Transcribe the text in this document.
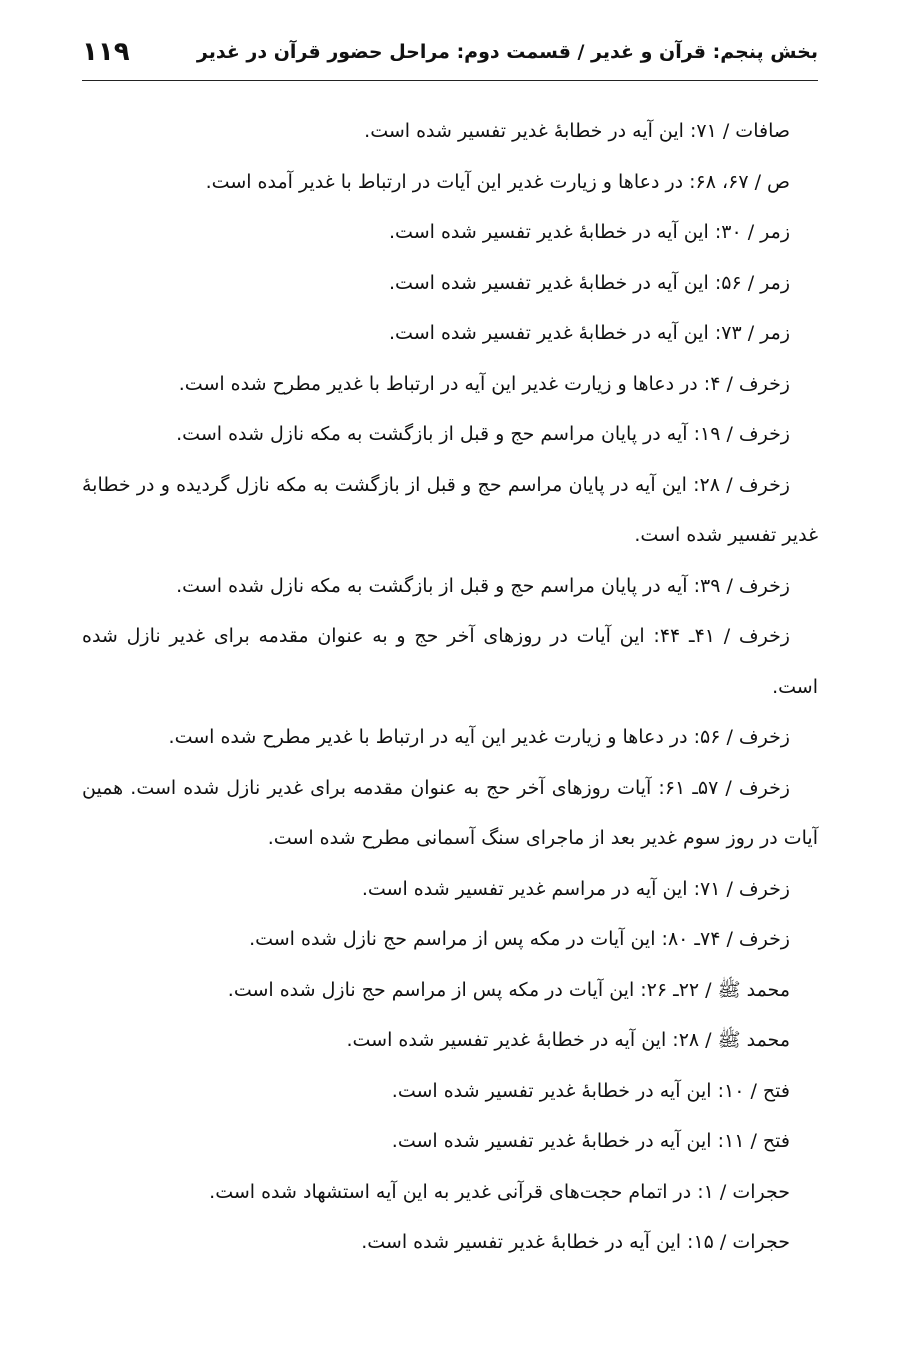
بخش پنجم: قرآن و غدیر / قسمت دوم: مراحل حضور قرآن در غدیر
۱۱۹

صافات / ۷۱: این آیه در خطابهٔ غدیر تفسیر شده است.

ص / ۶۷، ۶۸: در دعاها و زیارت غدیر این آیات در ارتباط با غدیر آمده است.

زمر / ۳۰: این آیه در خطابهٔ غدیر تفسیر شده است.

زمر / ۵۶: این آیه در خطابهٔ غدیر تفسیر شده است.

زمر / ۷۳: این آیه در خطابهٔ غدیر تفسیر شده است.

زخرف / ۴: در دعاها و زیارت غدیر این آیه در ارتباط با غدیر مطرح شده است.

زخرف / ۱۹: آیه در پایان مراسم حج و قبل از بازگشت به مکه نازل شده است.

زخرف / ۲۸: این آیه در پایان مراسم حج و قبل از بازگشت به مکه نازل گردیده و در خطابهٔ غدیر تفسیر شده است.

زخرف / ۳۹: آیه در پایان مراسم حج و قبل از بازگشت به مکه نازل شده است.

زخرف / ۴۱ـ ۴۴: این آیات در روزهای آخر حج و به عنوان مقدمه برای غدیر نازل شده است.

زخرف / ۵۶: در دعاها و زیارت غدیر این آیه در ارتباط با غدیر مطرح شده است.

زخرف / ۵۷ـ ۶۱: آیات روزهای آخر حج به عنوان مقدمه برای غدیر نازل شده است. همین آیات در روز سوم غدیر بعد از ماجرای سنگ آسمانی مطرح شده است.

زخرف / ۷۱: این آیه در مراسم غدیر تفسیر شده است.

زخرف / ۷۴ـ ۸۰: این آیات در مکه پس از مراسم حج نازل شده است.

محمد ﷺ / ۲۲ـ ۲۶: این آیات در مکه پس از مراسم حج نازل شده است.

محمد ﷺ / ۲۸: این آیه در خطابهٔ غدیر تفسیر شده است.

فتح / ۱۰: این آیه در خطابهٔ غدیر تفسیر شده است.

فتح / ۱۱: این آیه در خطابهٔ غدیر تفسیر شده است.

حجرات / ۱: در اتمام حجت‌های قرآنی غدیر به این آیه استشهاد شده است.

حجرات / ۱۵: این آیه در خطابهٔ غدیر تفسیر شده است.
